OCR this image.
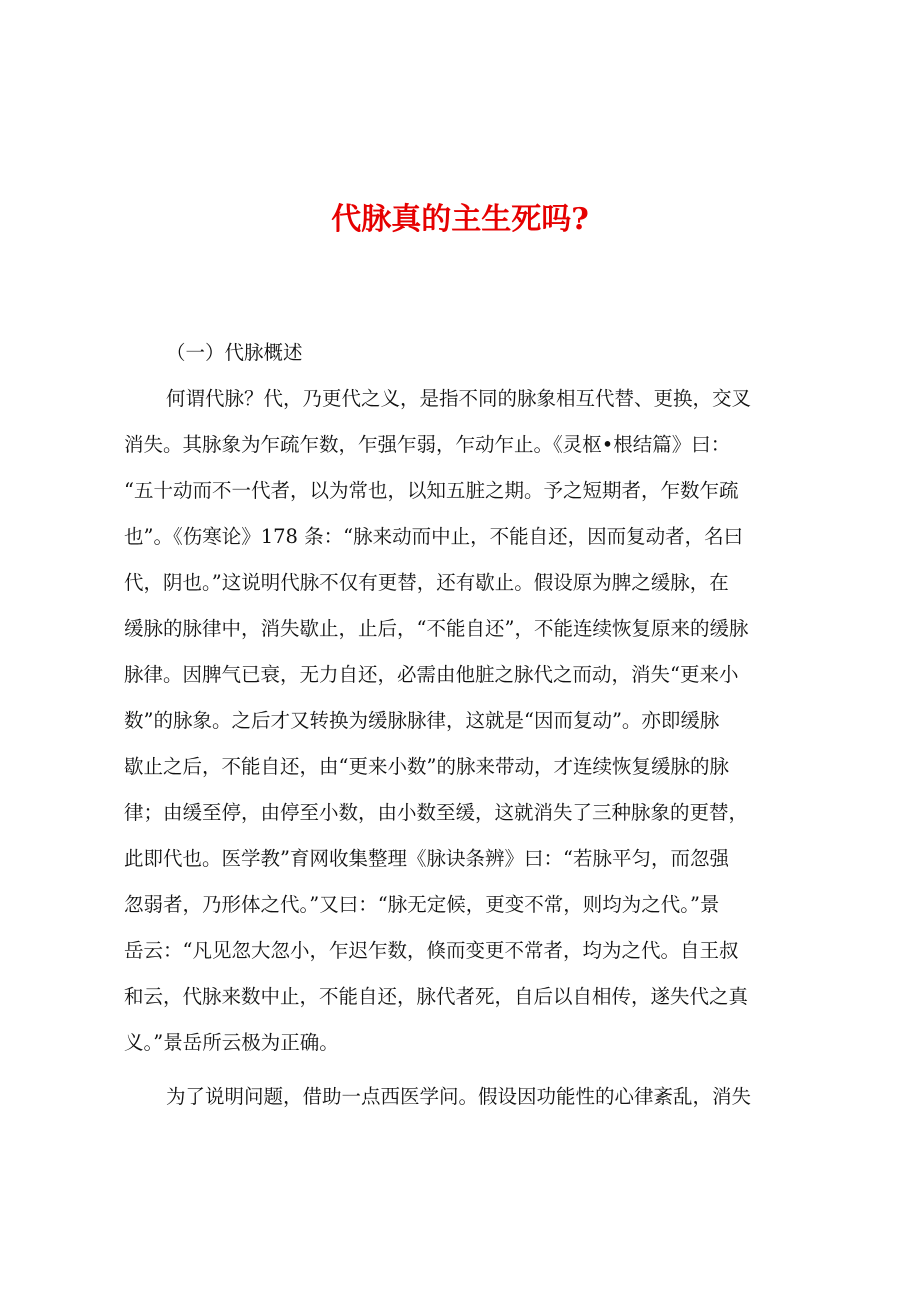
代脉真的主生死吗?
（一）代脉概述
何谓代脉？代，乃更代之义，是指不同的脉象相互代替、更换，交叉
消失。其脉象为乍疏乍数，乍强乍弱，乍动乍止。《灵枢•根结篇》曰：
“五十动而不一代者，以为常也，以知五脏之期。予之短期者，乍数乍疏
也”。《伤寒论》178 条：“脉来动而中止，不能自还，因而复动者，名曰
代，阴也。”这说明代脉不仅有更替，还有歇止。假设原为脾之缓脉，在
缓脉的脉律中，消失歇止，止后，“不能自还”，不能连续恢复原来的缓脉
脉律。因脾气已衰，无力自还，必需由他脏之脉代之而动，消失“更来小
数”的脉象。之后才又转换为缓脉脉律，这就是“因而复动”。亦即缓脉
歇止之后，不能自还，由“更来小数”的脉来带动，才连续恢复缓脉的脉
律；由缓至停，由停至小数，由小数至缓，这就消失了三种脉象的更替，
此即代也。医学教”育网收集整理《脉诀条辨》曰：“若脉平匀，而忽强
忽弱者，乃形体之代。”又曰：“脉无定候，更变不常，则均为之代。”景
岳云：“凡见忽大忽小，乍迟乍数，倏而变更不常者，均为之代。自王叔
和云，代脉来数中止，不能自还，脉代者死，自后以自相传，遂失代之真
义。”景岳所云极为正确。
为了说明问题，借助一点西医学问。假设因功能性的心律紊乱，消失
